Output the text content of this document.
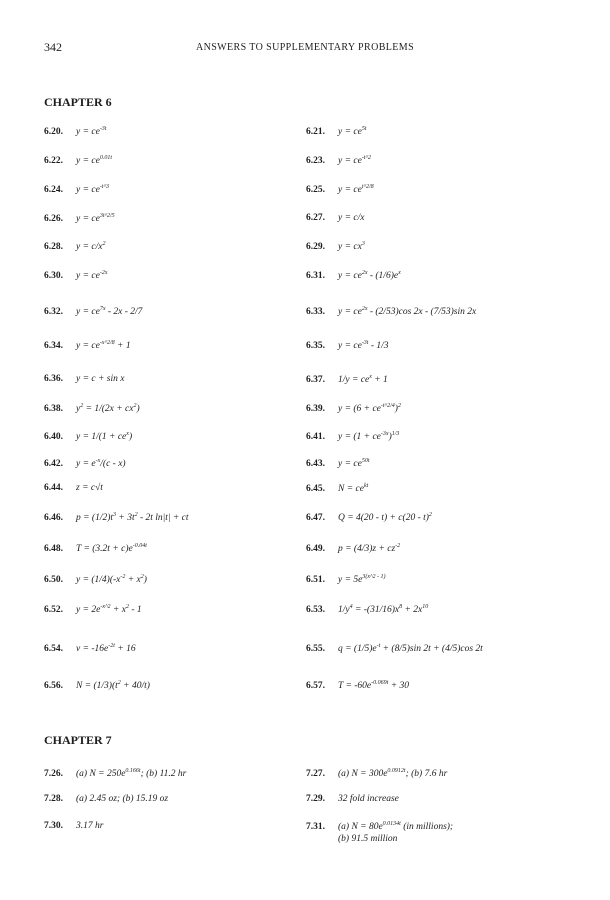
342	ANSWERS TO SUPPLEMENTARY PROBLEMS
CHAPTER 6
6.20. $y = ce^{-3t}$	6.21. $y = ce^{5t}$
6.22. $y = ce^{0.01t}$	6.23. $y = ce^{-t\^{}2}$
6.24. $y = ce^{-t\^{}3}$	6.25. $y = ce^{t\^{}2/8}$
6.26. $y = ce^{3t\^{}2/5}$	6.27. y = c/x
6.28. $y = c/x^2$	6.29. $y = cx^3$
6.30. $y = ce^{-2x}$	6.31. $y = ce^{2x} - (1/6)e^x$
6.32. $y = ce^{7x} - 2x - 2/7$	6.33. $y = ce^{2x} - (2/53)\cos$ 2x - (7/53)sin 2x
6.34. $y = ce^{-x\^{}2/8} + 1$	6.35. $y = ce^{-3t} - 1/3$
6.36. y = c + sin x	6.37. $1/y = ce^x + 1$
6.38. $y^2 = 1/(2x + cx^2)$	6.39. $y = (6 + ce^{-t\^{}2/4})^2$
6.40. $y = 1/(1 + ce^x)$	6.41. $y = (1 + ce^{-3x})^{1/3}$
6.42. $y = e^{-x}/(c - x)$	6.43. $y = ce^{50t}$
6.44. z = c√t	6.45. $N = ce^{kt}$
6.46. $p = (1/2)t^3 + 3t^2 - 2t$ ln|t| + ct	6.47. Q = 4(20 - t) + c(20 - t)$^2$
6.48. $T = (3.2t + c)e^{-0.04t}$	6.49. $p = (4/3)z + cz^{-2}$
6.50. $y = (1/4)(-x^{-2} + x^2)$	6.51. $y = 5e^{3(x\^{}2 - 1)}$
6.52. $y = 2e^{-x\^{}2} + x^2 - 1$	6.53. $1/y^4 = -(31/16)x^8 + 2x^{10}$
6.54. $v = -16e^{-2t} + 16$	6.55. $q = (1/5)e^{-t} + (8/5)\sin$ 2t + (4/5)cos 2t
6.56. $N = (1/3)(t^2 + 40/t)$	6.57. $T = -60e^{-0.069t} + 30$
CHAPTER 7
7.26. (a) $N = 250e^{0.166t}$; (b) 11.2 hr	7.27. (a) $N = 300e^{0.0912t}$; (b) 7.6 hr
7.28. (a) 2.45 oz; (b) 15.19 oz	7.29. 32 fold increase
7.30. 3.17 hr	7.31. (a) $N = 80e^{0.0134t}$ (in millions);
(b) 91.5 million
